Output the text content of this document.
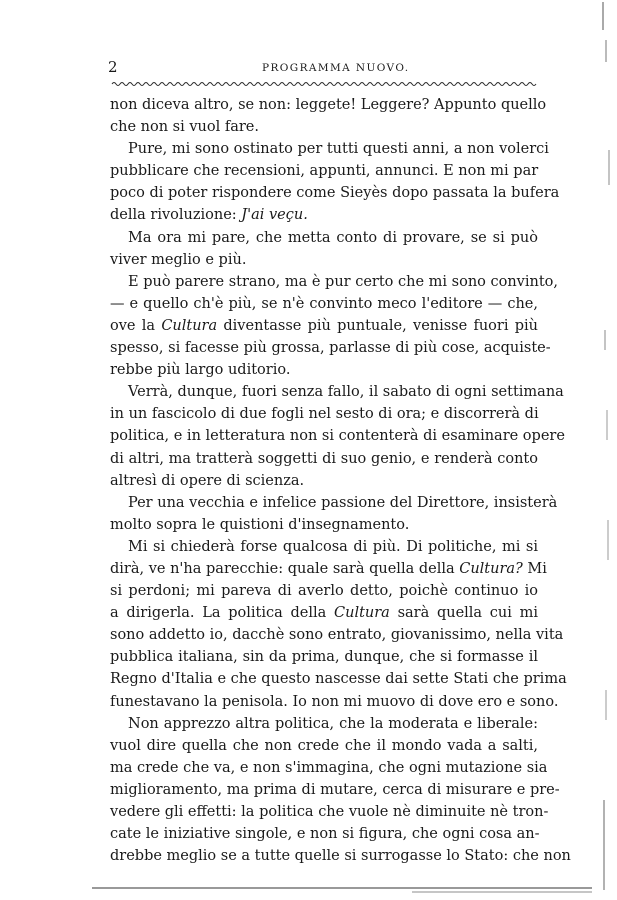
2	PROGRAMMA NUOVO.
non diceva altro, se non: leggete! Leggere? Appunto quello
che non si vuol fare.
Pure, mi sono ostinato per tutti questi anni, a non volerci
pubblicare che recensioni, appunti, annunci. E non mi par
poco di poter rispondere come Sieyès dopo passata la bufera
della rivoluzione: J'ai veçu.
Ma ora mi pare, che metta conto di provare, se si può
viver meglio e più.
E può parere strano, ma è pur certo che mi sono convinto,
— e quello ch'è più, se n'è convinto meco l'editore — che,
ove la Cultura diventasse più puntuale, venisse fuori più
spesso, si facesse più grossa, parlasse di più cose, acquiste-
rebbe più largo uditorio.
Verrà, dunque, fuori senza fallo, il sabato di ogni settimana
in un fascicolo di due fogli nel sesto di ora; e discorrerà di
politica, e in letteratura non si contenterà di esaminare opere
di altri, ma tratterà soggetti di suo genio, e renderà conto
altresì di opere di scienza.
Per una vecchia e infelice passione del Direttore, insisterà
molto sopra le quistioni d'insegnamento.
Mi si chiederà forse qualcosa di più. Di politiche, mi si
dirà, ve n'ha parecchie: quale sarà quella della Cultura? Mi
si perdoni; mi pareva di averlo detto, poichè continuo io
a dirigerla. La politica della Cultura sarà quella cui mi
sono addetto io, dacchè sono entrato, giovanissimo, nella vita
pubblica italiana, sin da prima, dunque, che si formasse il
Regno d'Italia e che questo nascesse dai sette Stati che prima
funestavano la penisola. Io non mi muovo di dove ero e sono.
Non apprezzo altra politica, che la moderata e liberale:
vuol dire quella che non crede che il mondo vada a salti,
ma crede che va, e non s'immagina, che ogni mutazione sia
miglioramento, ma prima di mutare, cerca di misurare e pre-
vedere gli effetti: la politica che vuole nè diminuite nè tron-
cate le iniziative singole, e non si figura, che ogni cosa an-
drebbe meglio se a tutte quelle si surrogasse lo Stato: che non
